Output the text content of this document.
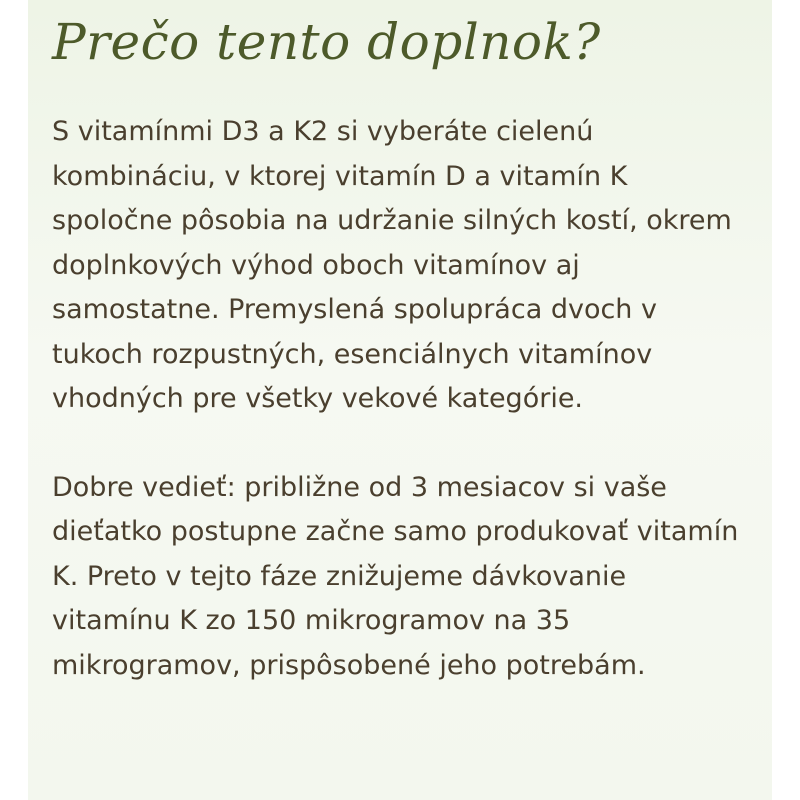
Prečo tento doplnok?

S vitamínmi D3 a K2 si vyberáte cielenú kombináciu, v ktorej vitamín D a vitamín K spoločne pôsobia na udržanie silných kostí, okrem doplnkových výhod oboch vitamínov aj samostatne. Premyslená spolupráca dvoch v tukoch rozpustných, esenciálnych vitamínov vhodných pre všetky vekové kategórie.

Dobre vedieť: približne od 3 mesiacov si vaše dieťatko postupne začne samo produkovať vitamín K. Preto v tejto fáze znižujeme dávkovanie vitamínu K zo 150 mikrogramov na 35 mikrogramov, prispôsobené jeho potrebám.
